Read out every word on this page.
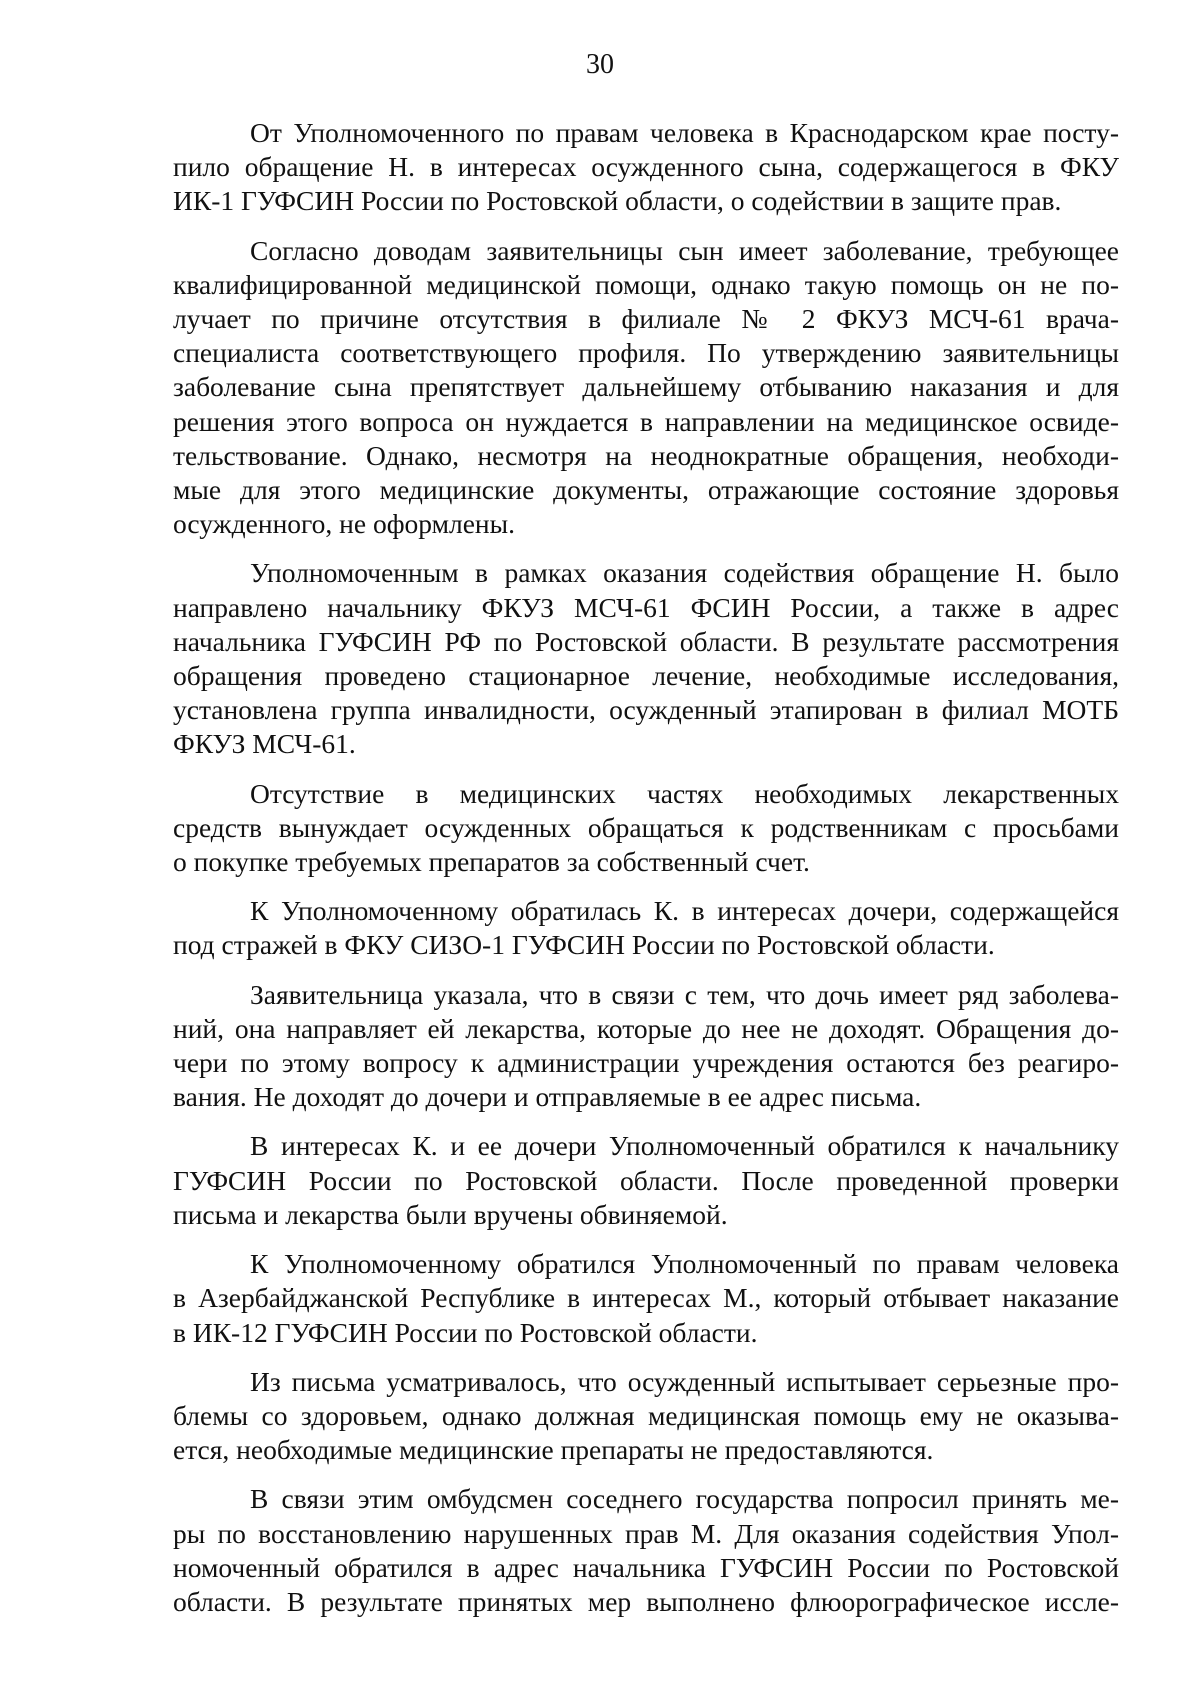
30

От Уполномоченного по правам человека в Краснодарском крае посту-
пило обращение Н. в интересах осужденного сына, содержащегося в ФКУ
ИК-1 ГУФСИН России по Ростовской области, о содействии в защите прав.

Согласно доводам заявительницы сын имеет заболевание, требующее
квалифицированной медицинской помощи, однако такую помощь он не по-
лучает по причине отсутствия в филиале № 2 ФКУЗ МСЧ-61 врача-
специалиста соответствующего профиля. По утверждению заявительницы
заболевание сына препятствует дальнейшему отбыванию наказания и для
решения этого вопроса он нуждается в направлении на медицинское освиде-
тельствование. Однако, несмотря на неоднократные обращения, необходи-
мые для этого медицинские документы, отражающие состояние здоровья
осужденного, не оформлены.

Уполномоченным в рамках оказания содействия обращение Н. было
направлено начальнику ФКУЗ МСЧ-61 ФСИН России, а также в адрес
начальника ГУФСИН РФ по Ростовской области. В результате рассмотрения
обращения проведено стационарное лечение, необходимые исследования,
установлена группа инвалидности, осужденный этапирован в филиал МОТБ
ФКУЗ МСЧ-61.

Отсутствие в медицинских частях необходимых лекарственных
средств вынуждает осужденных обращаться к родственникам с просьбами
о покупке требуемых препаратов за собственный счет.

К Уполномоченному обратилась К. в интересах дочери, содержащейся
под стражей в ФКУ СИЗО-1 ГУФСИН России по Ростовской области.

Заявительница указала, что в связи с тем, что дочь имеет ряд заболева-
ний, она направляет ей лекарства, которые до нее не доходят. Обращения до-
чери по этому вопросу к администрации учреждения остаются без реагиро-
вания. Не доходят до дочери и отправляемые в ее адрес письма.

В интересах К. и ее дочери Уполномоченный обратился к начальнику
ГУФСИН России по Ростовской области. После проведенной проверки
письма и лекарства были вручены обвиняемой.

К Уполномоченному обратился Уполномоченный по правам человека
в Азербайджанской Республике в интересах М., который отбывает наказание
в ИК-12 ГУФСИН России по Ростовской области.

Из письма усматривалось, что осужденный испытывает серьезные про-
блемы со здоровьем, однако должная медицинская помощь ему не оказыва-
ется, необходимые медицинские препараты не предоставляются.

В связи этим омбудсмен соседнего государства попросил принять ме-
ры по восстановлению нарушенных прав М. Для оказания содействия Упол-
номоченный обратился в адрес начальника ГУФСИН России по Ростовской
области. В результате принятых мер выполнено флюорографическое иссле-
